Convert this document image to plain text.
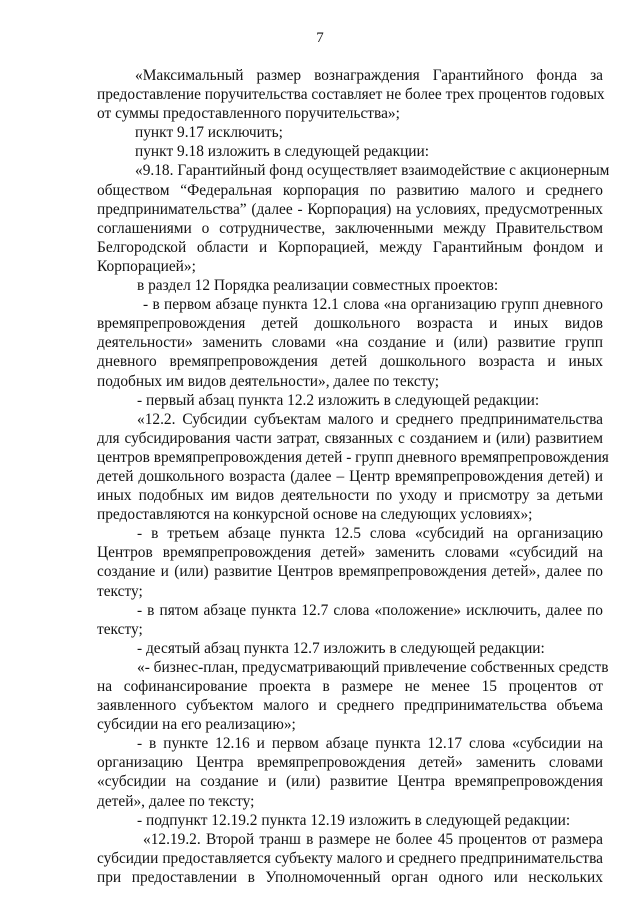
7
«Максимальный размер вознаграждения Гарантийного фонда за
предоставление поручительства составляет не более трех процентов годовых
от суммы предоставленного поручительства»;
пункт 9.17 исключить;
пункт 9.18 изложить в следующей редакции:
«9.18. Гарантийный фонд осуществляет взаимодействие с акционерным
обществом “Федеральная корпорация по развитию малого и среднего
предпринимательства” (далее - Корпорация) на условиях, предусмотренных
соглашениями о сотрудничестве, заключенными между Правительством
Белгородской области и Корпорацией, между Гарантийным фондом и
Корпорацией»;
в раздел 12 Порядка реализации совместных проектов:
- в первом абзаце пункта 12.1 слова «на организацию групп дневного
времяпрепровождения детей дошкольного возраста и иных видов
деятельности» заменить словами «на создание и (или) развитие групп
дневного времяпрепровождения детей дошкольного возраста и иных
подобных им видов деятельности», далее по тексту;
- первый абзац пункта 12.2 изложить в следующей редакции:
«12.2. Субсидии субъектам малого и среднего предпринимательства
для субсидирования части затрат, связанных с созданием и (или) развитием
центров времяпрепровождения детей - групп дневного времяпрепровождения
детей дошкольного возраста (далее – Центр времяпрепровождения детей) и
иных подобных им видов деятельности по уходу и присмотру за детьми
предоставляются на конкурсной основе на следующих условиях»;
- в третьем абзаце пункта 12.5 слова «субсидий на организацию
Центров времяпрепровождения детей» заменить словами «субсидий на
создание и (или) развитие Центров времяпрепровождения детей», далее по
тексту;
- в пятом абзаце пункта 12.7 слова «положение» исключить, далее по
тексту;
- десятый абзац пункта 12.7 изложить в следующей редакции:
«- бизнес-план, предусматривающий привлечение собственных средств
на софинансирование проекта в размере не менее 15 процентов от
заявленного субъектом малого и среднего предпринимательства объема
субсидии на его реализацию»;
- в пункте 12.16 и первом абзаце пункта 12.17 слова «субсидии на
организацию Центра времяпрепровождения детей» заменить словами
«субсидии на создание и (или) развитие Центра времяпрепровождения
детей», далее по тексту;
- подпункт 12.19.2 пункта 12.19 изложить в следующей редакции:
«12.19.2. Второй транш в размере не более 45 процентов от размера
субсидии предоставляется субъекту малого и среднего предпринимательства
при предоставлении в Уполномоченный орган одного или нескольких
